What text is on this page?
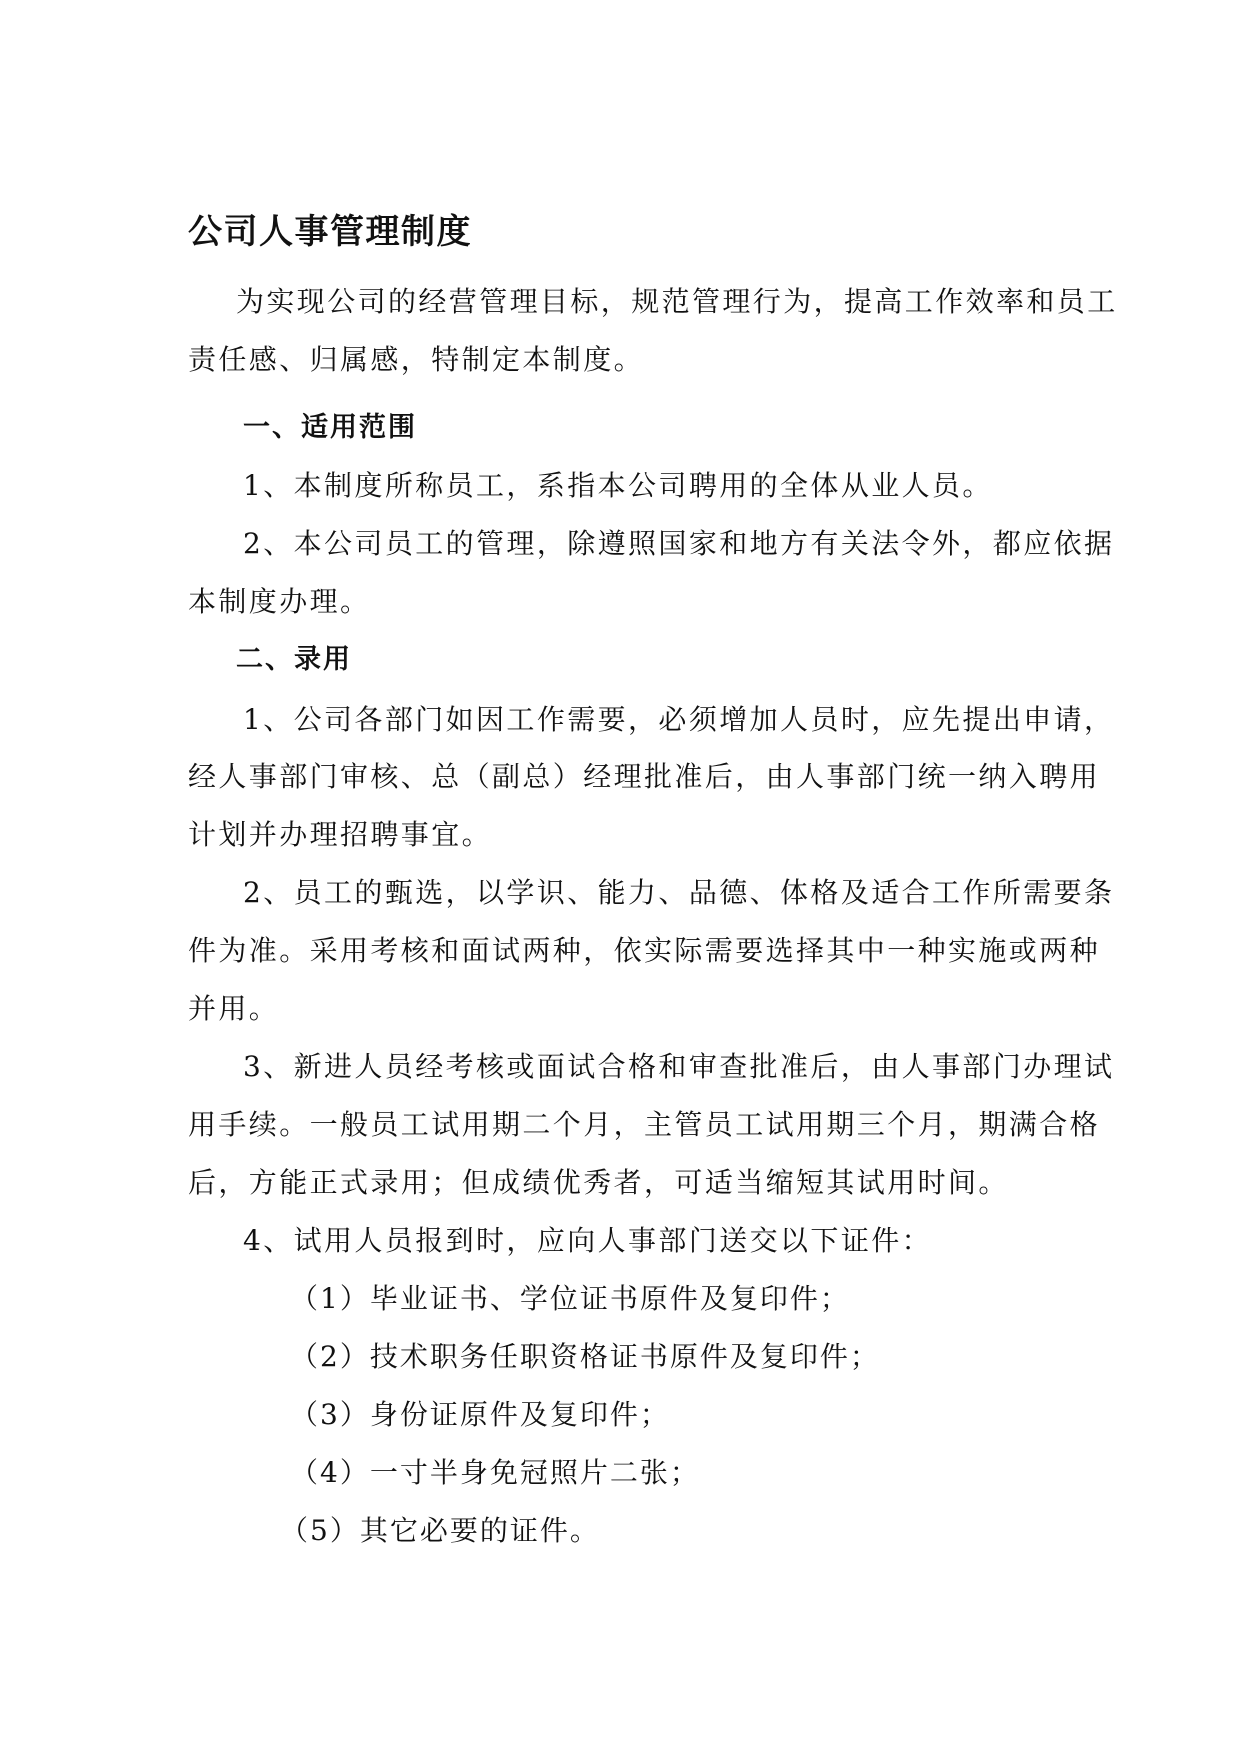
公司人事管理制度
为实现公司的经营管理目标，规范管理行为，提高工作效率和员工
责任感、归属感，特制定本制度。
一、适用范围
1、本制度所称员工，系指本公司聘用的全体从业人员。
2、本公司员工的管理，除遵照国家和地方有关法令外，都应依据
本制度办理。
二、录用
1、公司各部门如因工作需要，必须增加人员时，应先提出申请，
经人事部门审核、总（副总）经理批准后，由人事部门统一纳入聘用
计划并办理招聘事宜。
2、员工的甄选，以学识、能力、品德、体格及适合工作所需要条
件为准。采用考核和面试两种，依实际需要选择其中一种实施或两种
并用。
3、新进人员经考核或面试合格和审查批准后，由人事部门办理试
用手续。一般员工试用期二个月，主管员工试用期三个月，期满合格
后，方能正式录用；但成绩优秀者，可适当缩短其试用时间。
4、试用人员报到时，应向人事部门送交以下证件：
（1）毕业证书、学位证书原件及复印件；
（2）技术职务任职资格证书原件及复印件；
（3）身份证原件及复印件；
（4）一寸半身免冠照片二张；
（5）其它必要的证件。
